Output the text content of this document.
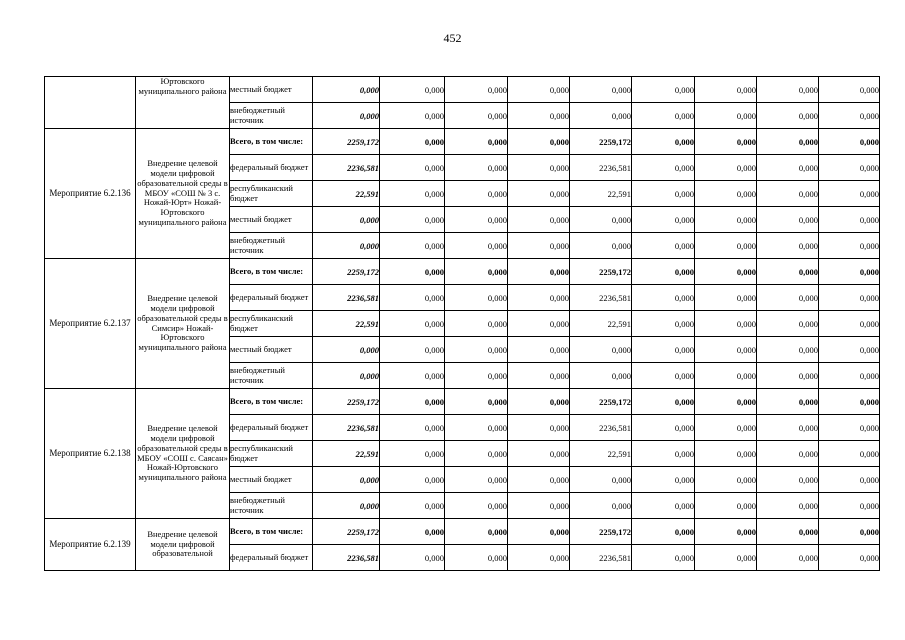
452
	Юртовского муниципального района	местный бюджет	0,000	0,000	0,000	0,000	0,000	0,000	0,000	0,000	0,000
		внебюджетный источник	0,000	0,000	0,000	0,000	0,000	0,000	0,000	0,000	0,000
Мероприятие 6.2.136	Внедрение целевой модели цифровой образовательной среды в МБОУ «СОШ № 3 с. Ножай-Юрт» Ножай-Юртовского муниципального района	Всего, в том числе:	2259,172	0,000	0,000	0,000	2259,172	0,000	0,000	0,000	0,000
		федеральный бюджет	2236,581	0,000	0,000	0,000	2236,581	0,000	0,000	0,000	0,000
		республиканский бюджет	22,591	0,000	0,000	0,000	22,591	0,000	0,000	0,000	0,000
		местный бюджет	0,000	0,000	0,000	0,000	0,000	0,000	0,000	0,000	0,000
		внебюджетный источник	0,000	0,000	0,000	0,000	0,000	0,000	0,000	0,000	0,000
Мероприятие 6.2.137	Внедрение целевой модели цифровой образовательной среды в Симсир» Ножай-Юртовского муниципального района	Всего, в том числе:	2259,172	0,000	0,000	0,000	2259,172	0,000	0,000	0,000	0,000
		федеральный бюджет	2236,581	0,000	0,000	0,000	2236,581	0,000	0,000	0,000	0,000
		республиканский бюджет	22,591	0,000	0,000	0,000	22,591	0,000	0,000	0,000	0,000
		местный бюджет	0,000	0,000	0,000	0,000	0,000	0,000	0,000	0,000	0,000
		внебюджетный источник	0,000	0,000	0,000	0,000	0,000	0,000	0,000	0,000	0,000
Мероприятие 6.2.138	Внедрение целевой модели цифровой образовательной среды в МБОУ «СОШ с. Саясан» Ножай-Юртовского муниципального района	Всего, в том числе:	2259,172	0,000	0,000	0,000	2259,172	0,000	0,000	0,000	0,000
		федеральный бюджет	2236,581	0,000	0,000	0,000	2236,581	0,000	0,000	0,000	0,000
		республиканский бюджет	22,591	0,000	0,000	0,000	22,591	0,000	0,000	0,000	0,000
		местный бюджет	0,000	0,000	0,000	0,000	0,000	0,000	0,000	0,000	0,000
		внебюджетный источник	0,000	0,000	0,000	0,000	0,000	0,000	0,000	0,000	0,000
Мероприятие 6.2.139	Внедрение целевой модели цифровой образовательной	Всего, в том числе:	2259,172	0,000	0,000	0,000	2259,172	0,000	0,000	0,000	0,000
		федеральный бюджет	2236,581	0,000	0,000	0,000	2236,581	0,000	0,000	0,000	0,000
